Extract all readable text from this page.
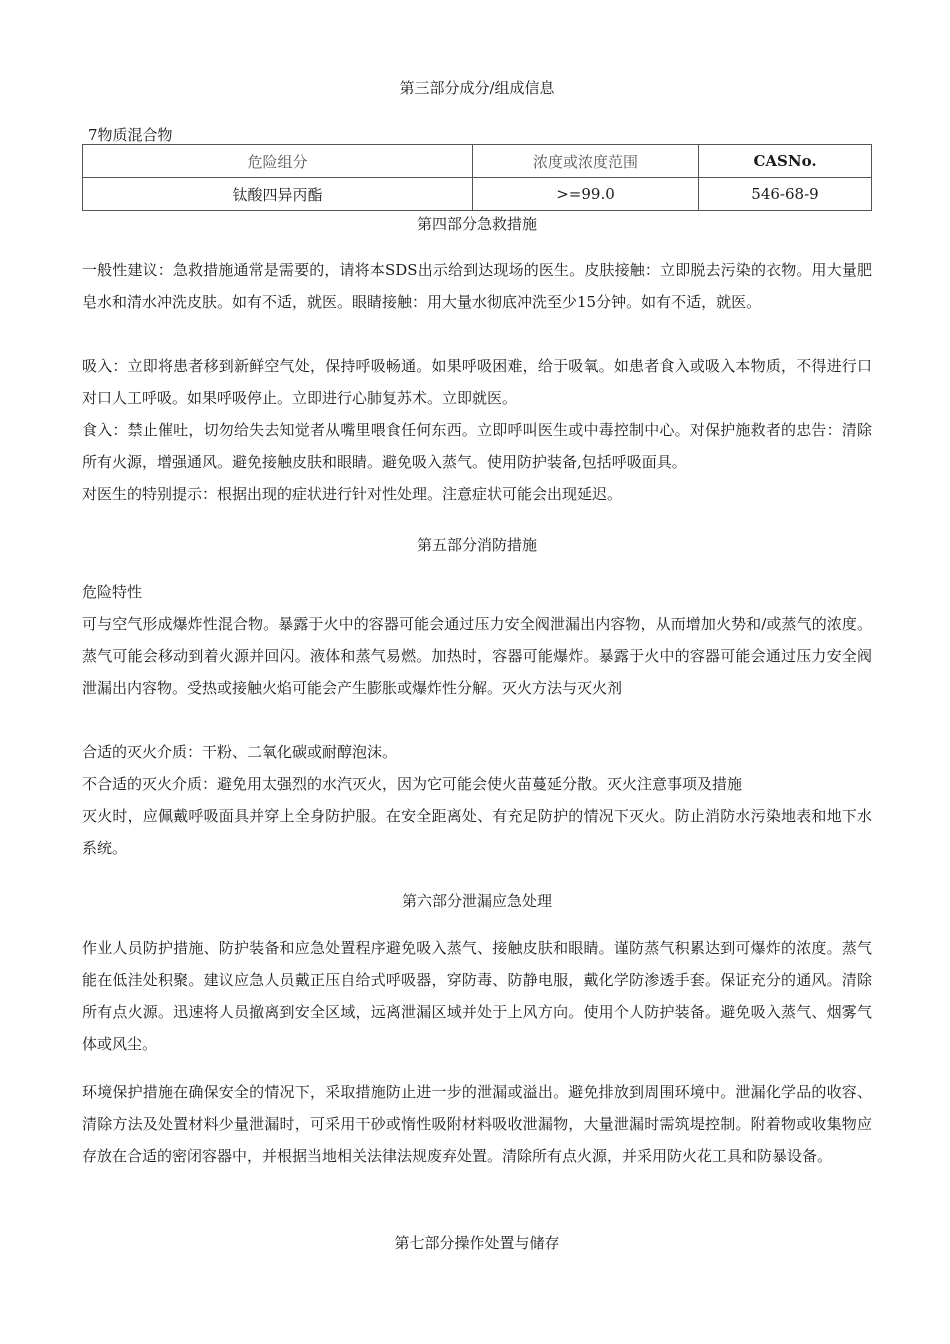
第三部分成分/组成信息
7物质混合物
危险组分	浓度或浓度范围	CASNo.
钛酸四异丙酯	>=99.0	546-68-9
第四部分急救措施

一般性建议：急救措施通常是需要的，请将本SDS出示给到达现场的医生。皮肤接触：立即脱去污染的衣物。用大量肥皂水和清水冲洗皮肤。如有不适，就医。眼睛接触：用大量水彻底冲洗至少15分钟。如有不适，就医。

吸入：立即将患者移到新鲜空气处，保持呼吸畅通。如果呼吸困难，给于吸氧。如患者食入或吸入本物质，不得进行口对口人工呼吸。如果呼吸停止。立即进行心肺复苏术。立即就医。

食入：禁止催吐，切勿给失去知觉者从嘴里喂食任何东西。立即呼叫医生或中毒控制中心。对保护施救者的忠告：清除所有火源，增强通风。避免接触皮肤和眼睛。避免吸入蒸气。使用防护装备,包括呼吸面具。

对医生的特别提示：根据出现的症状进行针对性处理。注意症状可能会出现延迟。

第五部分消防措施

危险特性

可与空气形成爆炸性混合物。暴露于火中的容器可能会通过压力安全阀泄漏出内容物，从而增加火势和/或蒸气的浓度。蒸气可能会移动到着火源并回闪。液体和蒸气易燃。加热时，容器可能爆炸。暴露于火中的容器可能会通过压力安全阀泄漏出内容物。受热或接触火焰可能会产生膨胀或爆炸性分解。灭火方法与灭火剂

合适的灭火介质：干粉、二氧化碳或耐醇泡沫。

不合适的灭火介质：避免用太强烈的水汽灭火，因为它可能会使火苗蔓延分散。灭火注意事项及措施

灭火时，应佩戴呼吸面具并穿上全身防护服。在安全距离处、有充足防护的情况下灭火。防止消防水污染地表和地下水系统。

第六部分泄漏应急处理

作业人员防护措施、防护装备和应急处置程序避免吸入蒸气、接触皮肤和眼睛。谨防蒸气积累达到可爆炸的浓度。蒸气能在低洼处积聚。建议应急人员戴正压自给式呼吸器，穿防毒、防静电服，戴化学防渗透手套。保证充分的通风。清除所有点火源。迅速将人员撤离到安全区域，远离泄漏区域并处于上风方向。使用个人防护装备。避免吸入蒸气、烟雾气体或风尘。

环境保护措施在确保安全的情况下，采取措施防止进一步的泄漏或溢出。避免排放到周围环境中。泄漏化学品的收容、清除方法及处置材料少量泄漏时，可采用干砂或惰性吸附材料吸收泄漏物，大量泄漏时需筑堤控制。附着物或收集物应存放在合适的密闭容器中，并根据当地相关法律法规废弃处置。清除所有点火源，并采用防火花工具和防暴设备。

第七部分操作处置与储存
